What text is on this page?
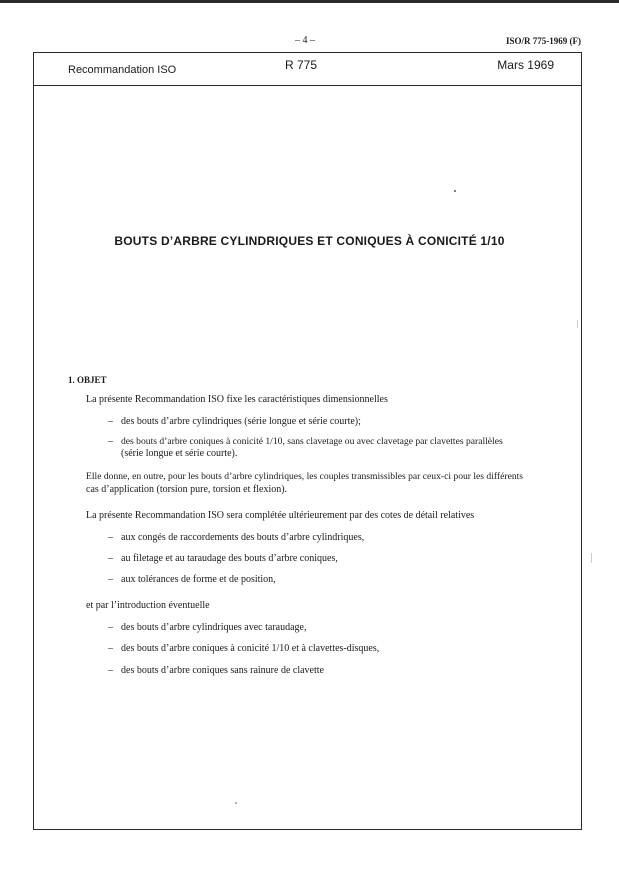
– 4 –	ISO/R 775-1969 (F)
Recommandation ISO	R 775	Mars 1969
BOUTS D’ARBRE CYLINDRIQUES ET CONIQUES À CONICITÉ 1/10
1. OBJET
La présente Recommandation ISO fixe les caractéristiques dimensionnelles
– des bouts d’arbre cylindriques (série longue et série courte);
– des bouts d’arbre coniques à conicité 1/10, sans clavetage ou avec clavetage par clavettes parallèles
(série longue et série courte).
Elle donne, en outre, pour les bouts d’arbre cylindriques, les couples transmissibles par ceux-ci pour les différents
cas d’application (torsion pure, torsion et flexion).
La présente Recommandation ISO sera complétée ultérieurement par des cotes de détail relatives
– aux congés de raccordements des bouts d’arbre cylindriques,
– au filetage et au taraudage des bouts d’arbre coniques,
– aux tolérances de forme et de position,
et par l’introduction éventuelle
– des bouts d’arbre cylindriques avec taraudage,
– des bouts d’arbre coniques à conicité 1/10 et à clavettes-disques,
– des bouts d’arbre coniques sans rainure de clavette
